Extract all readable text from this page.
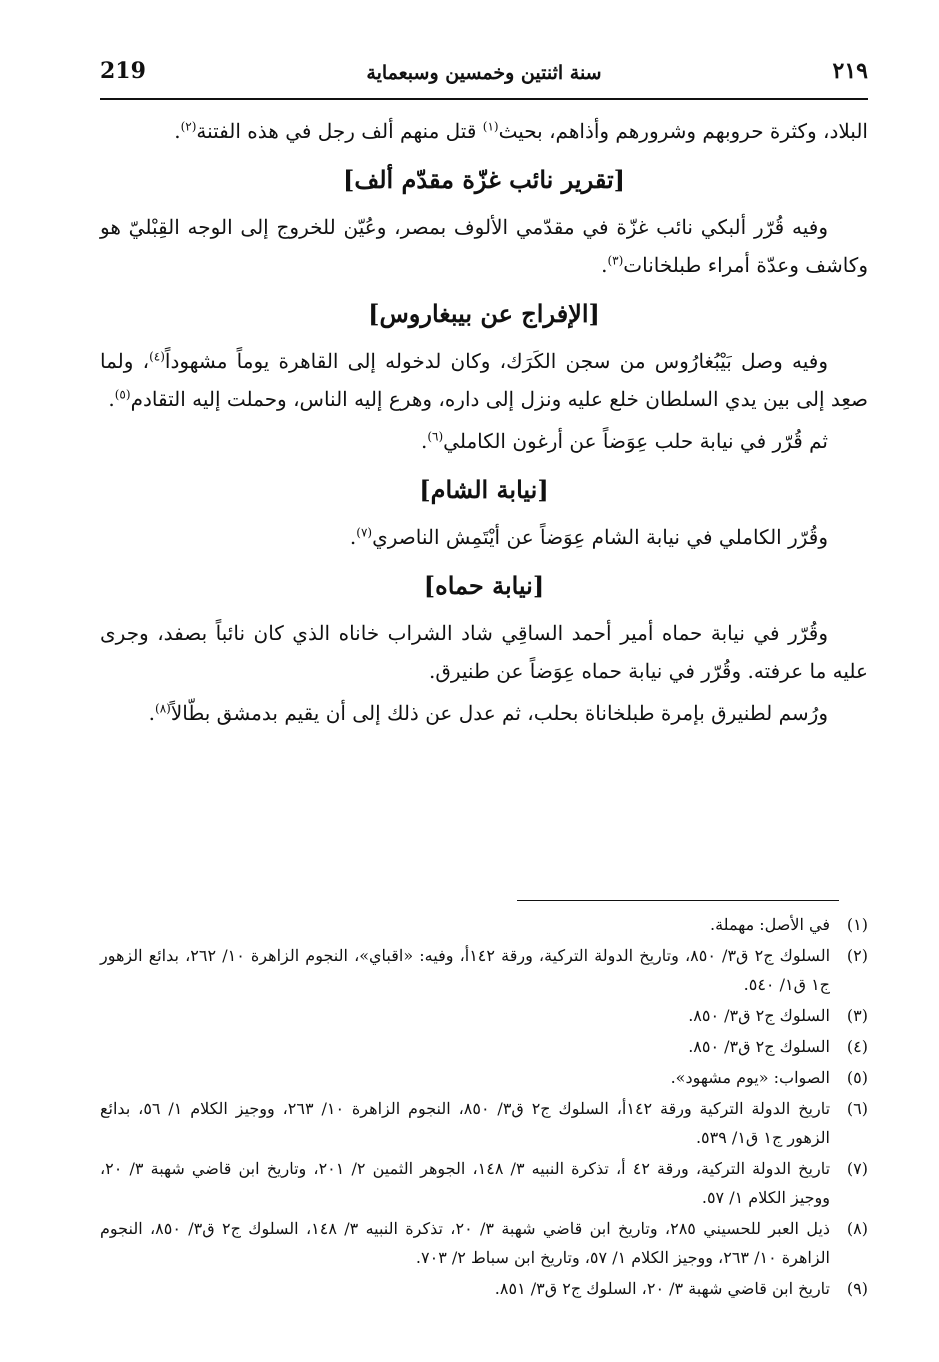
٢١٩
سنة اثنتين وخمسين وسبعماية
219

البلاد، وكثرة حروبهم وشرورهم وأذاهم، بحيث$^{(١)}$ قتل منهم ألف رجل في هذه الفتنة$^{(٢)}$.

[تقرير نائب غزّة مقدّم ألف]

وفيه قُرّر ألبكي نائب غزّة في مقدّمي الألوف بمصر، وعُيّن للخروج إلى الوجه القِبْليّ هو وكاشف وعدّة أمراء طبلخانات$^{(٣)}$.

[الإفراج عن بيبغاروس]

وفيه وصل بَيْبُغارُوس من سجن الكَرَك، وكان لدخوله إلى القاهرة يوماً مشهوداً$^{(٤)}$، ولما صعِد إلى بين يدي السلطان خلع عليه ونزل إلى داره، وهرع إليه الناس، وحملت إليه التقادم$^{(٥)}$.

ثم قُرّر في نيابة حلب عِوَضاً عن أرغون الكاملي$^{(٦)}$.

[نيابة الشام]

وقُرّر الكاملي في نيابة الشام عِوَضاً عن أيْتَمِش الناصري$^{(٧)}$.

[نيابة حماه]

وقُرّر في نيابة حماه أمير أحمد الساقِي شاد الشراب خاناه الذي كان نائباً بصفد، وجرى عليه ما عرفته. وقُرّر في نيابة حماه عِوَضاً عن طنيرق.

ورُسم لطنيرق بإمرة طبلخاناة بحلب، ثم عدل عن ذلك إلى أن يقيم بدمشق بطّالاً$^{(٨)}$.

(١)
في الأصل: مهملة.
(٢)
السلوك ج٢ ق٣/ ٨٥٠، وتاريخ الدولة التركية، ورقة ١٤٢أ، وفيه: «اقباي»، النجوم الزاهرة ١٠/ ٢٦٢، بدائع الزهور ج١ ق١/ ٥٤٠.
(٣)
السلوك ج٢ ق٣/ ٨٥٠.
(٤)
السلوك ج٢ ق٣/ ٨٥٠.
(٥)
الصواب: «يوم مشهود».
(٦)
تاريخ الدولة التركية ورقة ١٤٢أ، السلوك ج٢ ق٣/ ٨٥٠، النجوم الزاهرة ١٠/ ٢٦٣، ووجيز الكلام ١/ ٥٦، بدائع الزهور ج١ ق١/ ٥٣٩.
(٧)
تاريخ الدولة التركية، ورقة ٤٢ أ، تذكرة النبيه ٣/ ١٤٨، الجوهر الثمين ٢/ ٢٠١، وتاريخ ابن قاضي شهبة ٣/ ٢٠، ووجيز الكلام ١/ ٥٧.
(٨)
ذيل العبر للحسيني ٢٨٥، وتاريخ ابن قاضي شهبة ٣/ ٢٠، تذكرة النبيه ٣/ ١٤٨، السلوك ج٢ ق٣/ ٨٥٠، النجوم الزاهرة ١٠/ ٢٦٣، ووجيز الكلام ١/ ٥٧، وتاريخ ابن سباط ٢/ ٧٠٣.
(٩)
تاريخ ابن قاضي شهبة ٣/ ٢٠، السلوك ج٢ ق٣/ ٨٥١.
